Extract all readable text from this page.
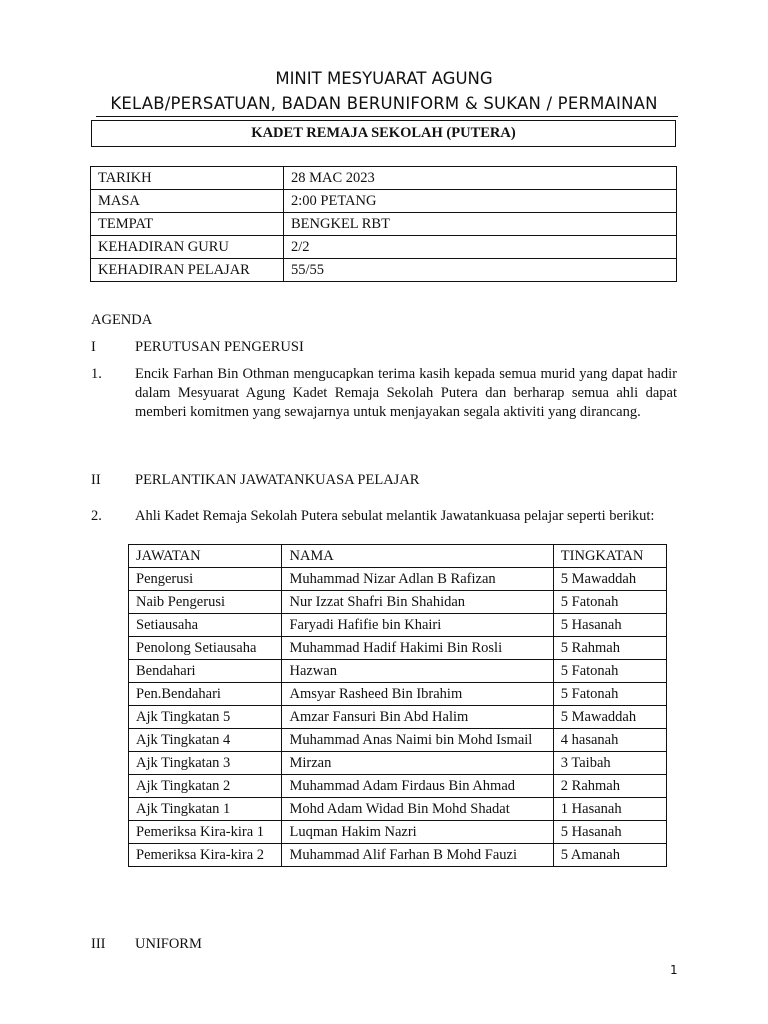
MINIT MESYUARAT AGUNG
KELAB/PERSATUAN, BADAN BERUNIFORM & SUKAN / PERMAINAN
KADET REMAJA SEKOLAH (PUTERA)
TARIKH	28 MAC 2023
MASA	2:00 PETANG
TEMPAT	BENGKEL RBT
KEHADIRAN GURU	2/2
KEHADIRAN PELAJAR	55/55
AGENDA
I	PERUTUSAN PENGERUSI
1. Encik Farhan Bin Othman mengucapkan terima kasih kepada semua murid yang dapat hadir dalam Mesyuarat Agung Kadet Remaja Sekolah Putera dan berharap semua ahli dapat memberi komitmen yang sewajarnya untuk menjayakan segala aktiviti yang dirancang.
II PERLANTIKAN JAWATANKUASA PELAJAR
2. Ahli Kadet Remaja Sekolah Putera sebulat melantik Jawatankuasa pelajar seperti berikut:
JAWATAN	NAMA	TINGKATAN
Pengerusi	Muhammad Nizar Adlan B Rafizan	5 Mawaddah
Naib Pengerusi	Nur Izzat Shafri Bin Shahidan	5 Fatonah
Setiausaha	Faryadi Hafifie bin Khairi	5 Hasanah
Penolong Setiausaha	Muhammad Hadif Hakimi Bin Rosli	5 Rahmah
Bendahari	Hazwan	5 Fatonah
Pen.Bendahari	Amsyar Rasheed Bin Ibrahim	5 Fatonah
Ajk Tingkatan 5	Amzar Fansuri Bin Abd Halim	5 Mawaddah
Ajk Tingkatan 4	Muhammad Anas Naimi bin Mohd Ismail	4 hasanah
Ajk Tingkatan 3	Mirzan	3 Taibah
Ajk Tingkatan 2	Muhammad Adam Firdaus Bin Ahmad	2 Rahmah
Ajk Tingkatan 1	Mohd Adam Widad Bin Mohd Shadat	1 Hasanah
Pemeriksa Kira-kira 1	Luqman Hakim Nazri	5 Hasanah
Pemeriksa Kira-kira 2	Muhammad Alif Farhan B Mohd Fauzi	5 Amanah
III UNIFORM
1
